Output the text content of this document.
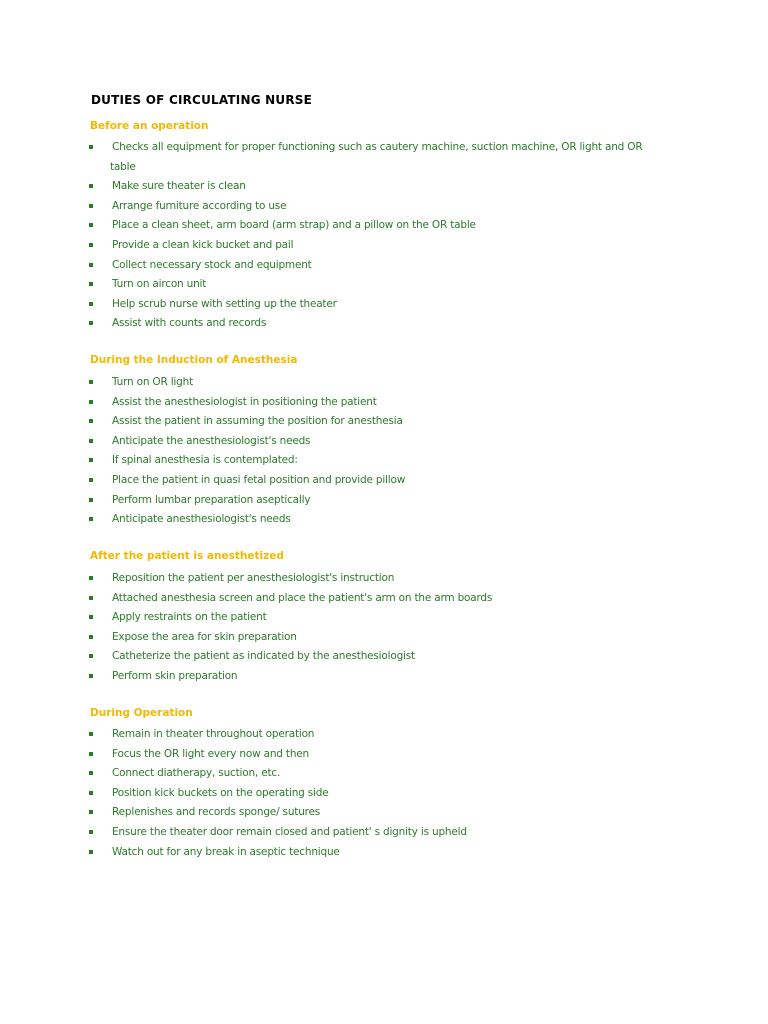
DUTIES OF CIRCULATING NURSE
Before an operation
Checks all equipment for proper functioning such as cautery machine, suction machine, OR light and OR
table
Make sure theater is clean
Arrange furniture according to use
Place a clean sheet, arm board (arm strap) and a pillow on the OR table
Provide a clean kick bucket and pail
Collect necessary stock and equipment
Turn on aircon unit
Help scrub nurse with setting up the theater
Assist with counts and records
During the Induction of Anesthesia
Turn on OR light
Assist the anesthesiologist in positioning the patient
Assist the patient in assuming the position for anesthesia
Anticipate the anesthesiologist's needs
If spinal anesthesia is contemplated:
Place the patient in quasi fetal position and provide pillow
Perform lumbar preparation aseptically
Anticipate anesthesiologist's needs
After the patient is anesthetized
Reposition the patient per anesthesiologist's instruction
Attached anesthesia screen and place the patient's arm on the arm boards
Apply restraints on the patient
Expose the area for skin preparation
Catheterize the patient as indicated by the anesthesiologist
Perform skin preparation
During Operation
Remain in theater throughout operation
Focus the OR light every now and then
Connect diatherapy, suction, etc.
Position kick buckets on the operating side
Replenishes and records sponge/ sutures
Ensure the theater door remain closed and patient' s dignity is upheld
Watch out for any break in aseptic technique
